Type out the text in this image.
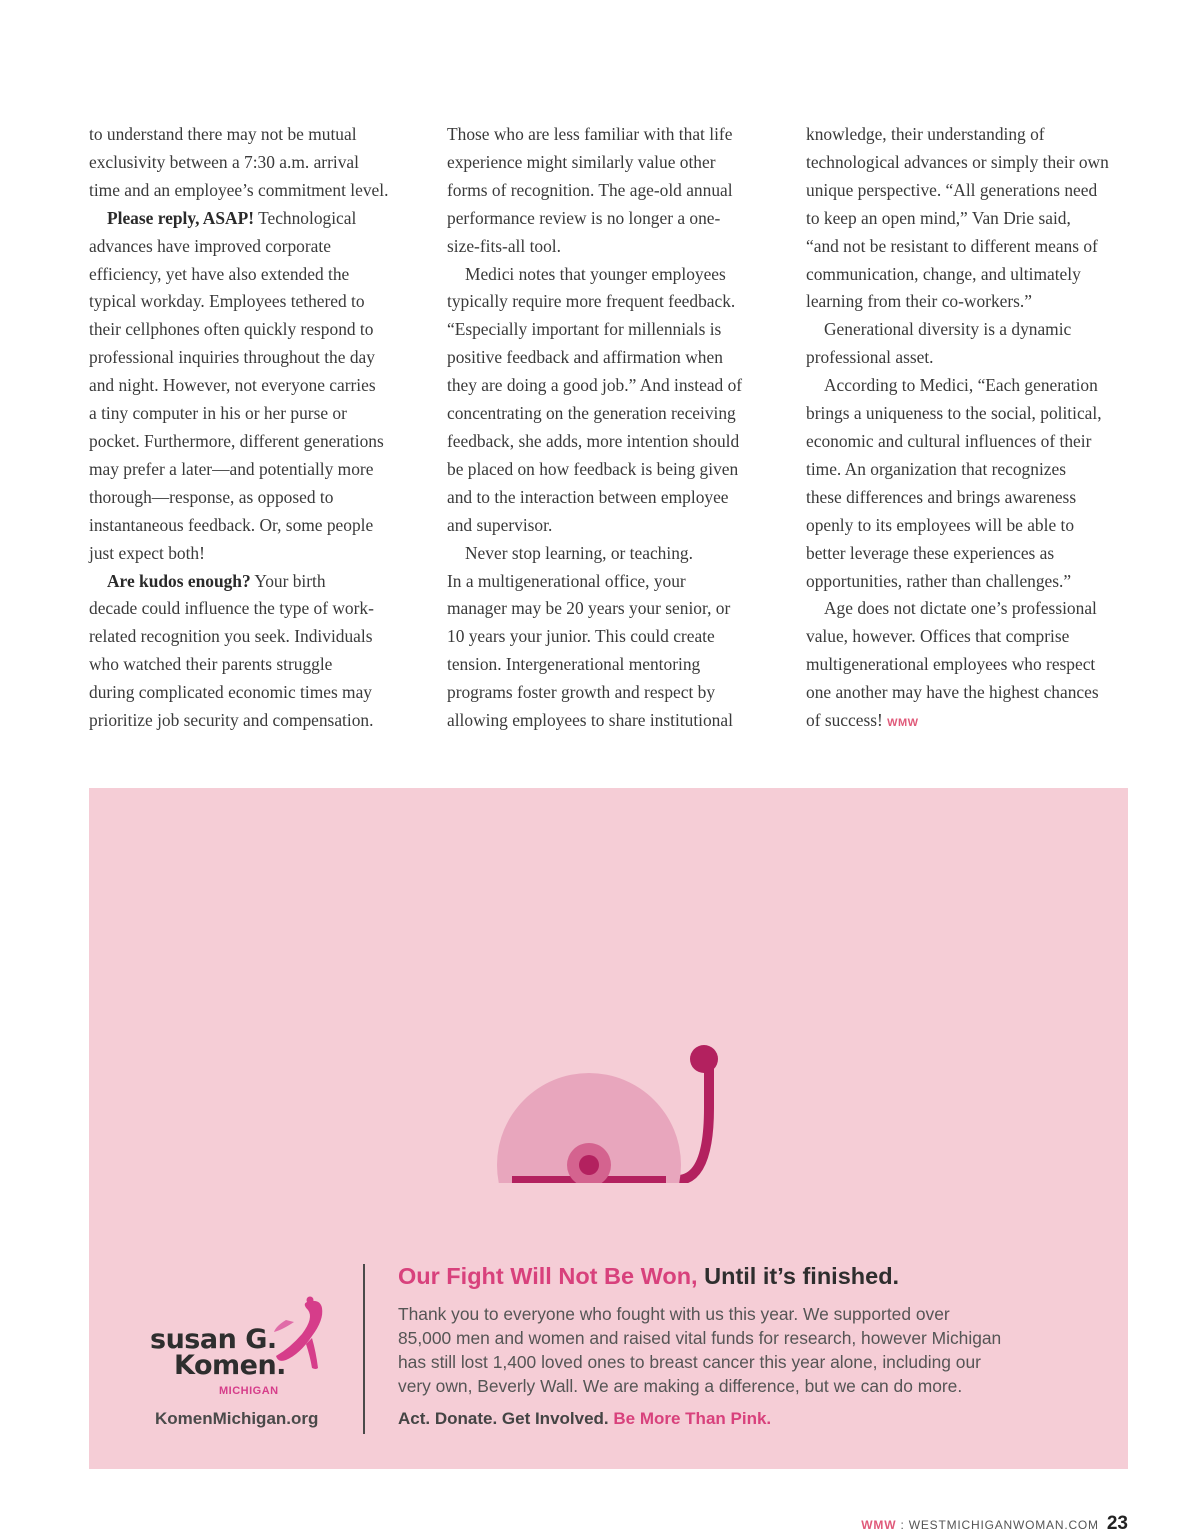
to understand there may not be mutual
exclusivity between a 7:30 a.m. arrival
time and an employee’s commitment level.
Please reply, ASAP! Technological
advances have improved corporate
efficiency, yet have also extended the
typical workday. Employees tethered to
their cellphones often quickly respond to
professional inquiries throughout the day
and night. However, not everyone carries
a tiny computer in his or her purse or
pocket. Furthermore, different generations
may prefer a later—and potentially more
thorough—response, as opposed to
instantaneous feedback. Or, some people
just expect both!
Are kudos enough? Your birth
decade could influence the type of work-
related recognition you seek. Individuals
who watched their parents struggle
during complicated economic times may
prioritize job security and compensation.
Those who are less familiar with that life
experience might similarly value other
forms of recognition. The age-old annual
performance review is no longer a one-
size-fits-all tool.
Medici notes that younger employees
typically require more frequent feedback.
“Especially important for millennials is
positive feedback and affirmation when
they are doing a good job.” And instead of
concentrating on the generation receiving
feedback, she adds, more intention should
be placed on how feedback is being given
and to the interaction between employee
and supervisor.
Never stop learning, or teaching.
In a multigenerational office, your
manager may be 20 years your senior, or
10 years your junior. This could create
tension. Intergenerational mentoring
programs foster growth and respect by
allowing employees to share institutional
knowledge, their understanding of
technological advances or simply their own
unique perspective. “All generations need
to keep an open mind,” Van Drie said,
“and not be resistant to different means of
communication, change, and ultimately
learning from their co-workers.”
Generational diversity is a dynamic
professional asset.
According to Medici, “Each generation
brings a uniqueness to the social, political,
economic and cultural influences of their
time. An organization that recognizes
these differences and brings awareness
openly to its employees will be able to
better leverage these experiences as
opportunities, rather than challenges.”
Age does not dictate one’s professional
value, however. Offices that comprise
multigenerational employees who respect
one another may have the highest chances
of success! WMW
susan G.
Komen.
MICHIGAN
KomenMichigan.org
Our Fight Will Not Be Won, Until it’s finished.
Thank you to everyone who fought with us this year. We supported over
85,000 men and women and raised vital funds for research, however Michigan
has still lost 1,400 loved ones to breast cancer this year alone, including our
very own, Beverly Wall. We are making a difference, but we can do more.
Act. Donate. Get Involved. Be More Than Pink.
WMW : WESTMICHIGANWOMAN.COM 23
